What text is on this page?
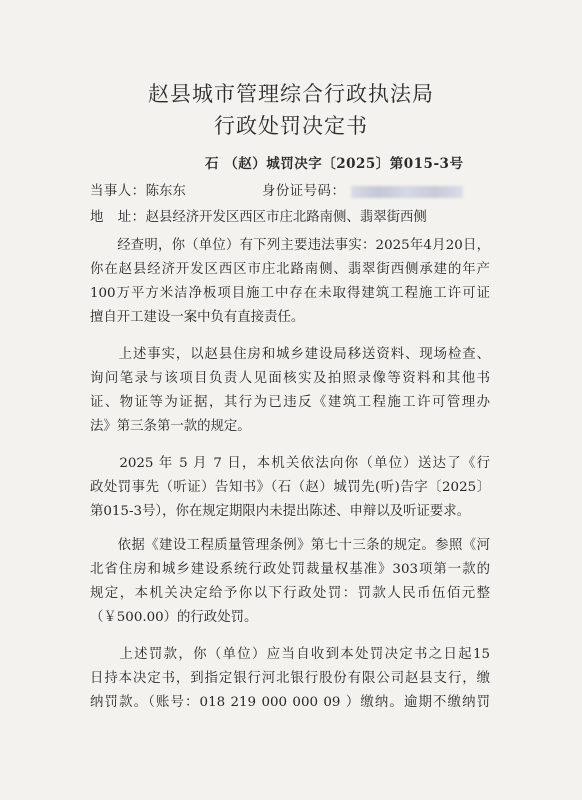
赵县城市管理综合行政执法局
行政处罚决定书
石 （赵）城罚决字〔2025〕第015-3号
当事人：陈东东	身份证号码：
地　址：赵县经济开发区西区市庄北路南侧、翡翠街西侧
　　经查明，你（单位）有下列主要违法事实：2025年4月20日，
你在赵县经济开发区西区市庄北路南侧、翡翠街西侧承建的年产
100万平方米洁净板项目施工中存在未取得建筑工程施工许可证
擅自开工建设一案中负有直接责任。
　　上述事实，以赵县住房和城乡建设局移送资料、现场检查、
询问笔录与该项目负责人见面核实及拍照录像等资料和其他书
证、物证等为证据，其行为已违反《建筑工程施工许可管理办
法》第三条第一款的规定。
　　2025 年 5 月 7 日，本机关依法向你（单位）送达了《行
政处罚事先（听证）告知书》（石（赵）城罚先(听)告字〔2025〕
第015-3号），你在规定期限内未提出陈述、申辩以及听证要求。
　　依据《建设工程质量管理条例》第七十三条的规定。参照《河
北省住房和城乡建设系统行政处罚裁量权基准》303项第一款的
规定，本机关决定给予你以下行政处罚：罚款人民币伍佰元整
（￥500.00）的行政处罚。
　　上述罚款，你（单位）应当自收到本处罚决定书之日起15
日持本决定书，到指定银行河北银行股份有限公司赵县支行，缴
纳罚款。（账号：018 219 000 000 09 ）缴纳。逾期不缴纳罚
